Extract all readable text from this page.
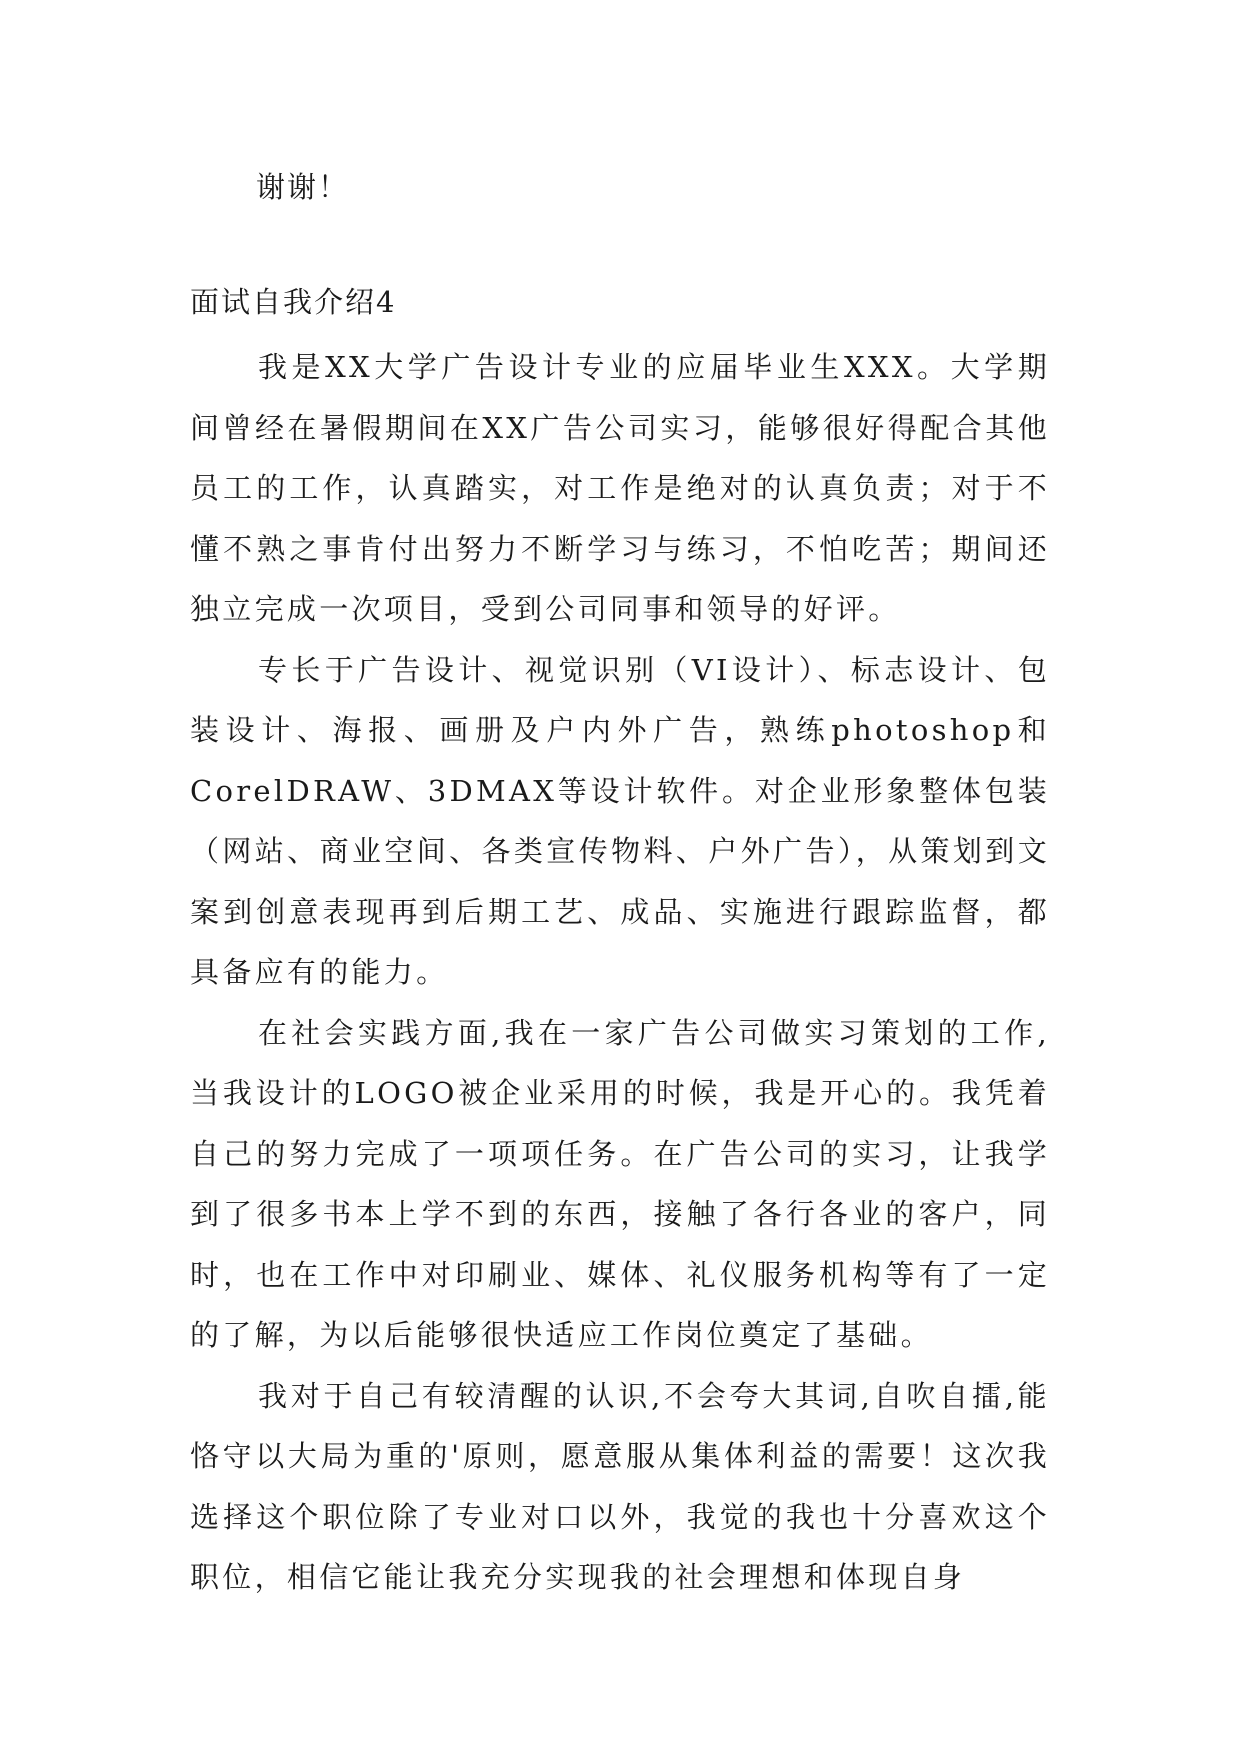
谢谢！
面试自我介绍4

我是XX大学广告设计专业的应届毕业生XXX。大学期间曾经在暑假期间在XX广告公司实习，能够很好得配合其他员工的工作，认真踏实，对工作是绝对的认真负责；对于不懂不熟之事肯付出努力不断学习与练习，不怕吃苦；期间还独立完成一次项目，受到公司同事和领导的好评。

专长于广告设计、视觉识别（VI设计）、标志设计、包装设计、海报、画册及户内外广告，熟练photoshop和CorelDRAW、3DMAX等设计软件。对企业形象整体包装（网站、商业空间、各类宣传物料、户外广告），从策划到文案到创意表现再到后期工艺、成品、实施进行跟踪监督，都具备应有的能力。

在社会实践方面,我在一家广告公司做实习策划的工作,当我设计的LOGO被企业采用的时候，我是开心的。我凭着自己的努力完成了一项项任务。在广告公司的实习，让我学到了很多书本上学不到的东西，接触了各行各业的客户，同时，也在工作中对印刷业、媒体、礼仪服务机构等有了一定的了解，为以后能够很快适应工作岗位奠定了基础。

我对于自己有较清醒的认识,不会夸大其词,自吹自擂,能恪守以大局为重的'原则，愿意服从集体利益的需要！这次我选择这个职位除了专业对口以外，我觉的我也十分喜欢这个职位，相信它能让我充分实现我的社会理想和体现自身
